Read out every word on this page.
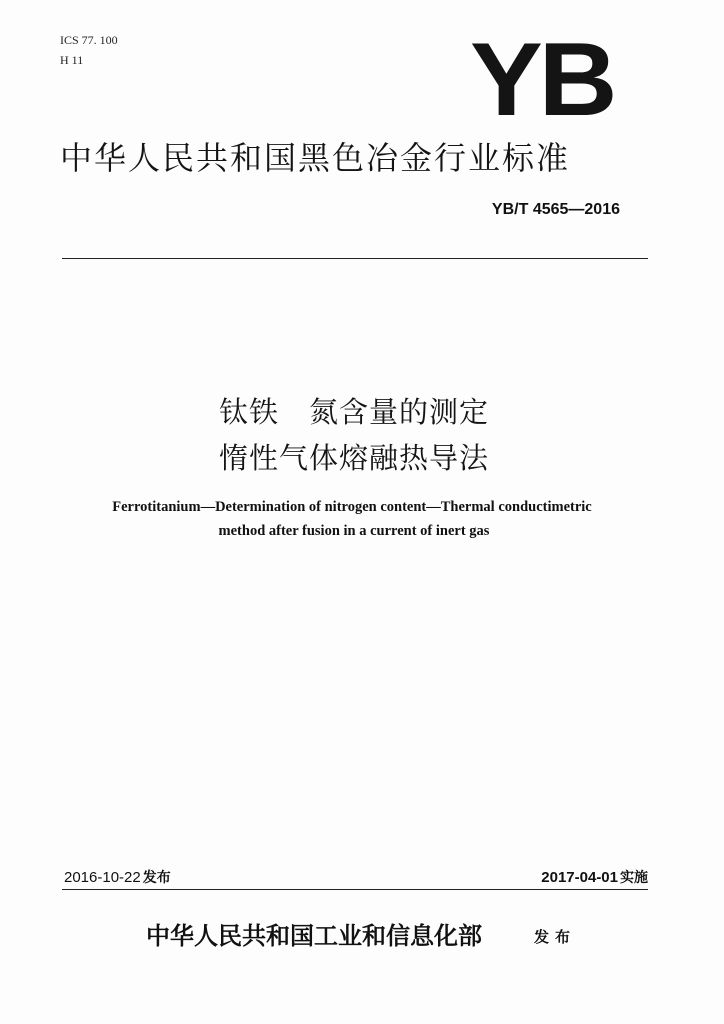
ICS 77. 100
H 11	YB
中华人民共和国黑色冶金行业标准
YB/T 4565—2016
钛铁　氮含量的测定
惰性气体熔融热导法
Ferrotitanium—Determination of nitrogen content—Thermal conductimetric
method after fusion in a current of inert gas
2016-10-22 发布	2017-04-01 实施
中华人民共和国工业和信息化部	发布
